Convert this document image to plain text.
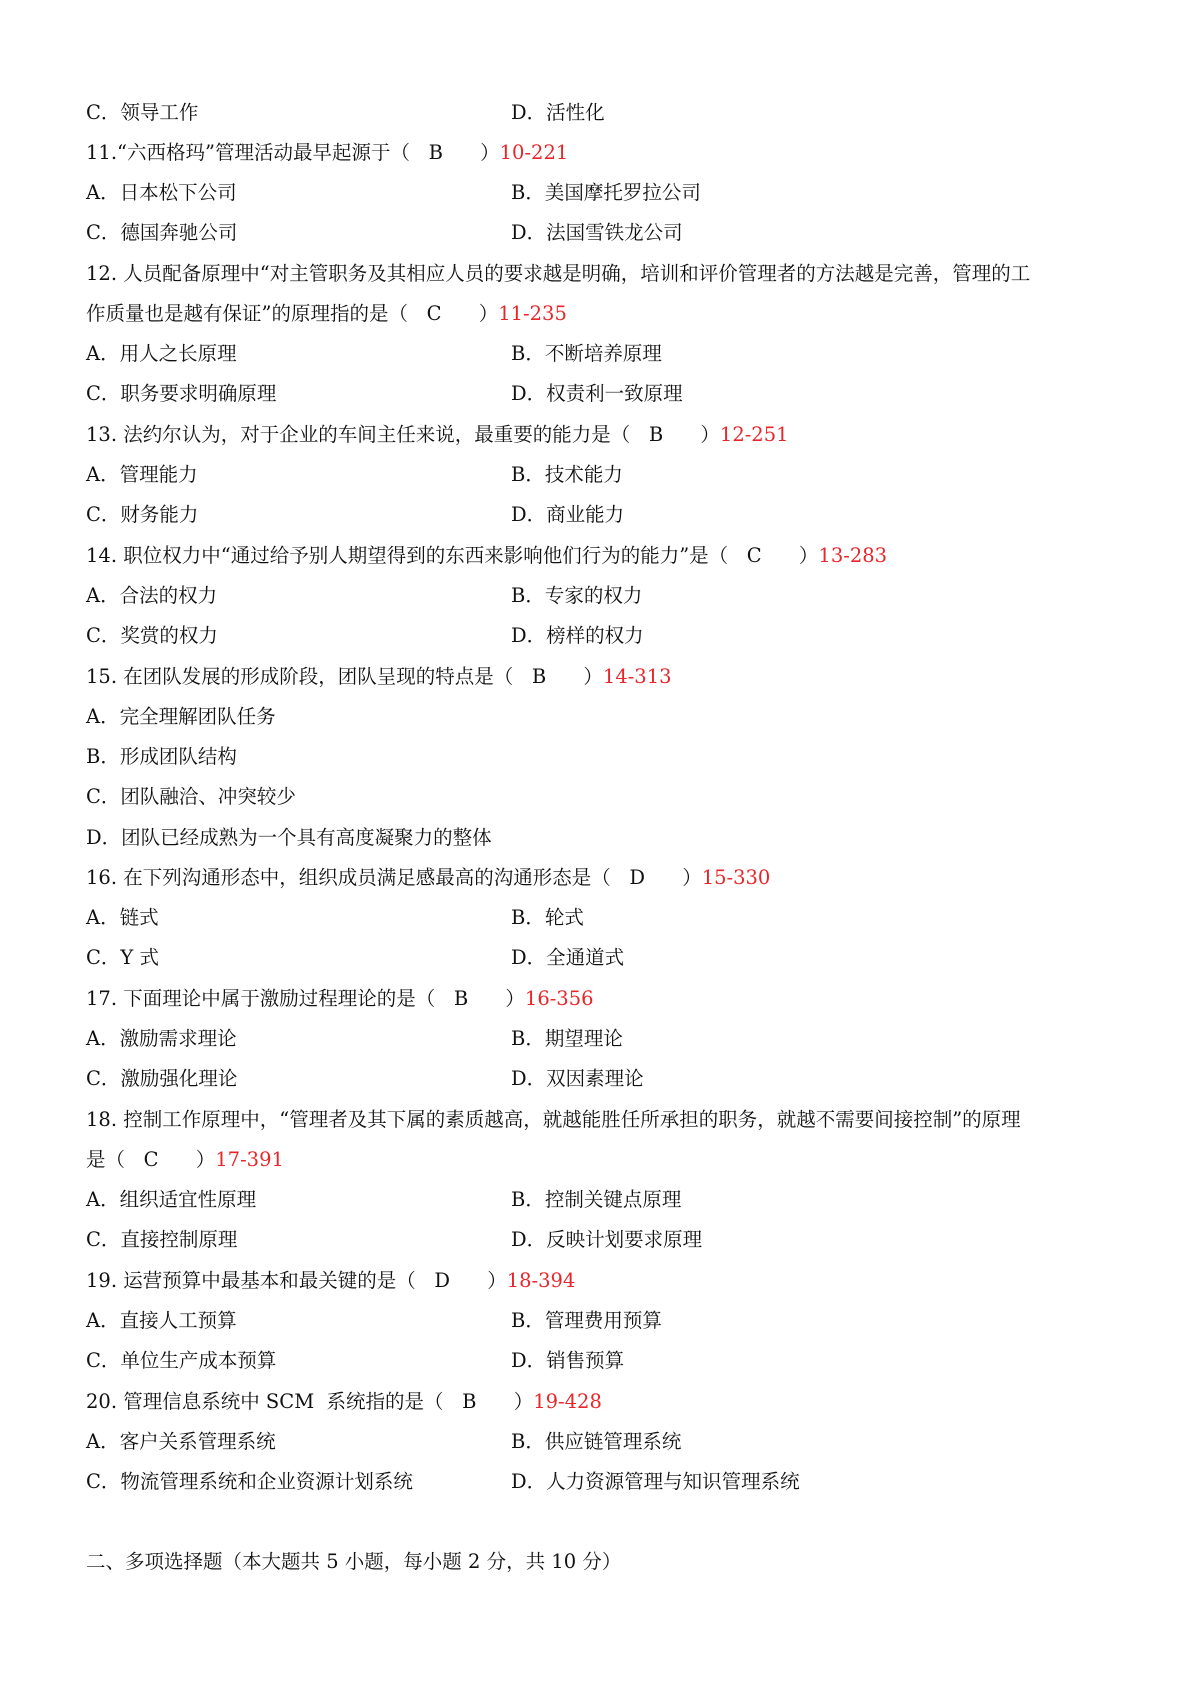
C．领导工作	D．活性化
11.“六西格玛”管理活动最早起源于（ B ）10-221
A．日本松下公司	B．美国摩托罗拉公司
C．德国奔驰公司	D．法国雪铁龙公司
12. 人员配备原理中“对主管职务及其相应人员的要求越是明确，培训和评价管理者的方法越是完善，管理的工
作质量也是越有保证”的原理指的是（ C ）11-235
A．用人之长原理	B．不断培养原理
C．职务要求明确原理	D．权责利一致原理
13. 法约尔认为，对于企业的车间主任来说，最重要的能力是（ B ）12-251
A．管理能力	B．技术能力
C．财务能力	D．商业能力
14. 职位权力中“通过给予别人期望得到的东西来影响他们行为的能力”是（ C ）13-283
A．合法的权力	B．专家的权力
C．奖赏的权力	D．榜样的权力
15. 在团队发展的形成阶段，团队呈现的特点是（ B ）14-313
A．完全理解团队任务
B．形成团队结构
C．团队融洽、冲突较少
D．团队已经成熟为一个具有高度凝聚力的整体
16. 在下列沟通形态中，组织成员满足感最高的沟通形态是（ D ）15-330
A．链式	B．轮式
C．Y 式	D．全通道式
17. 下面理论中属于激励过程理论的是（ B ）16-356
A．激励需求理论	B．期望理论
C．激励强化理论	D．双因素理论
18. 控制工作原理中，“管理者及其下属的素质越高，就越能胜任所承担的职务，就越不需要间接控制”的原理
是（ C ）17-391
A．组织适宜性原理	B．控制关键点原理
C．直接控制原理	D．反映计划要求原理
19. 运营预算中最基本和最关键的是（ D ）18-394
A．直接人工预算	B．管理费用预算
C．单位生产成本预算	D．销售预算
20. 管理信息系统中 SCM  系统指的是（ B ）19-428
A．客户关系管理系统	B．供应链管理系统
C．物流管理系统和企业资源计划系统	D．人力资源管理与知识管理系统
二、多项选择题（本大题共 5 小题，每小题 2 分，共 10 分）
